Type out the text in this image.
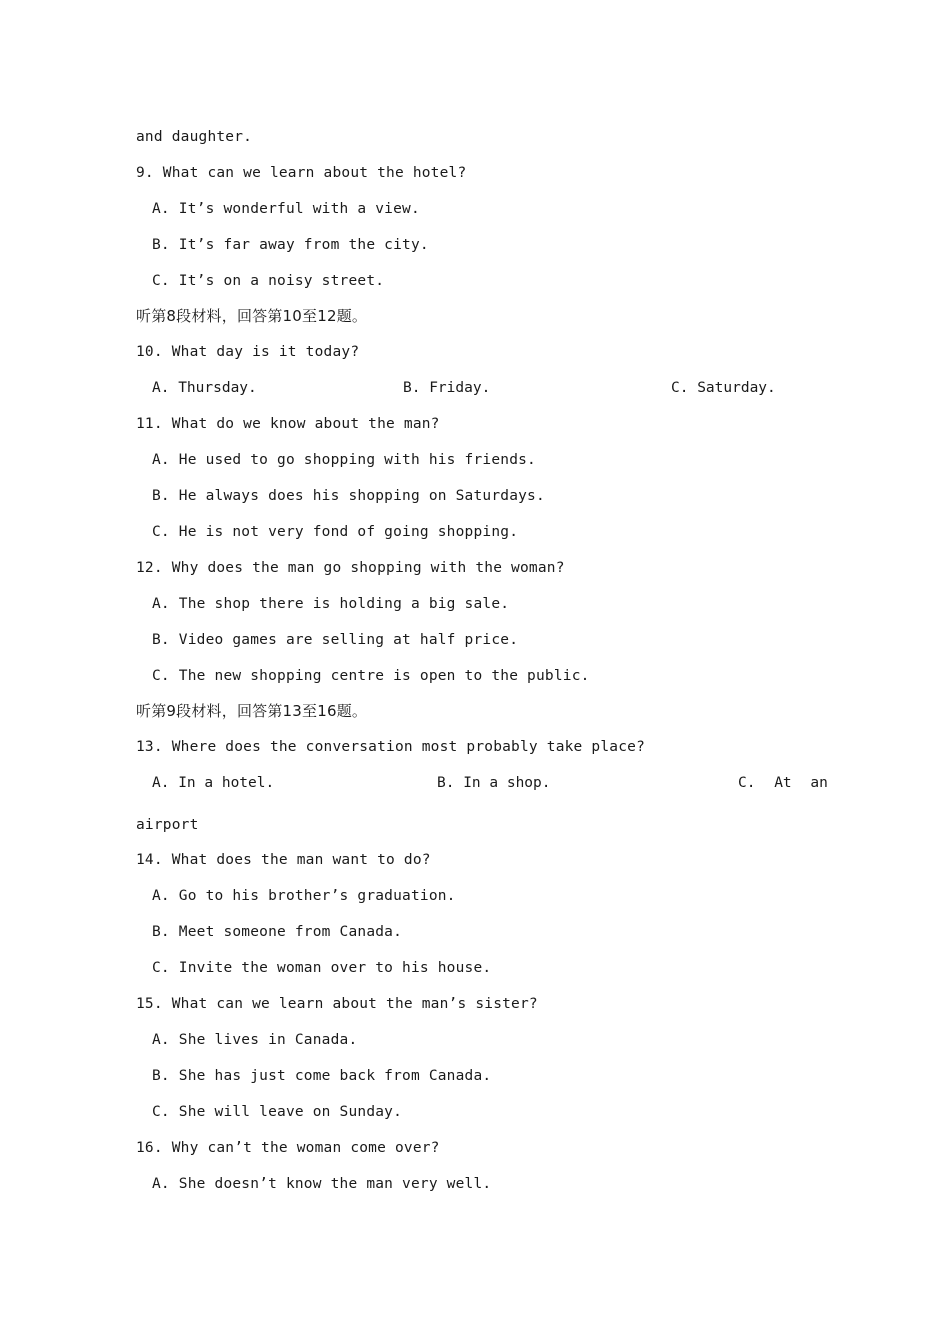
and daughter.
9. What can we learn about the hotel?
A. It’s wonderful with a view.
B. It’s far away from the city.
C. It’s on a noisy street.
听第8段材料，回答第10至12题。
10. What day is it today?
A. Thursday.	B. Friday.	C. Saturday.
11. What do we know about the man?
A. He used to go shopping with his friends.
B. He always does his shopping on Saturdays.
C. He is not very fond of going shopping.
12. Why does the man go shopping with the woman?
A. The shop there is holding a big sale.
B. Video games are selling at half price.
C. The new shopping centre is open to the public.
听第9段材料，回答第13至16题。
13. Where does the conversation most probably take place?
A. In a hotel.	B. In a shop.	C. At an
airport
14. What does the man want to do?
A. Go to his brother’s graduation.
B. Meet someone from Canada.
C. Invite the woman over to his house.
15. What can we learn about the man’s sister?
A. She lives in Canada.
B. She has just come back from Canada.
C. She will leave on Sunday.
16. Why can’t the woman come over?
A. She doesn’t know the man very well.
